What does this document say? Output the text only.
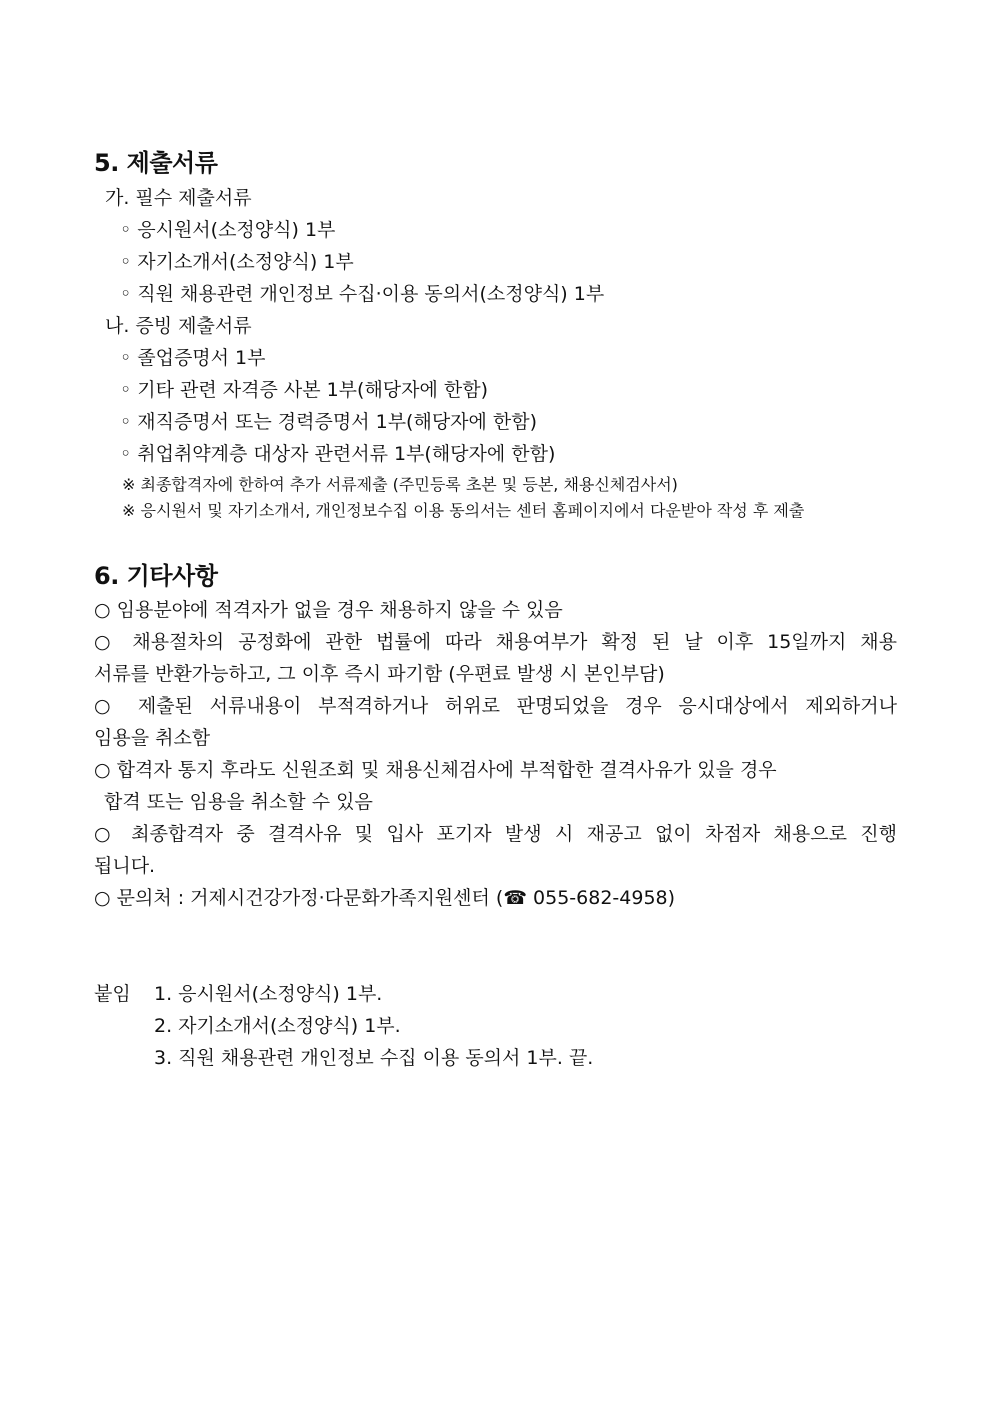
5. 제출서류

가. 필수 제출서류

◦ 응시원서(소정양식) 1부

◦ 자기소개서(소정양식) 1부

◦ 직원 채용관련 개인정보 수집·이용 동의서(소정양식) 1부

나. 증빙 제출서류

◦ 졸업증명서 1부

◦ 기타 관련 자격증 사본 1부(해당자에 한함)

◦ 재직증명서 또는 경력증명서 1부(해당자에 한함)

◦ 취업취약계층 대상자 관련서류 1부(해당자에 한함)

※ 최종합격자에 한하여 추가 서류제출 (주민등록 초본 및 등본, 채용신체검사서)

※ 응시원서 및 자기소개서, 개인정보수집 이용 동의서는 센터 홈페이지에서 다운받아 작성 후 제출

6. 기타사항

○ 임용분야에 적격자가 없을 경우 채용하지 않을 수 있음

○ 채용절차의 공정화에 관한 법률에 따라 채용여부가 확정 된 날 이후 15일까지 채용

서류를 반환가능하고, 그 이후 즉시 파기함 (우편료 발생 시 본인부담)

○ 제출된 서류내용이 부적격하거나 허위로 판명되었을 경우 응시대상에서 제외하거나

임용을 취소함

○ 합격자 통지 후라도 신원조회 및 채용신체검사에 부적합한 결격사유가 있을 경우

합격 또는 임용을 취소할 수 있음

○ 최종합격자 중 결격사유 및 입사 포기자 발생 시 재공고 없이 차점자 채용으로 진행

됩니다.

○ 문의처 : 거제시건강가정·다문화가족지원센터 (☎ 055-682-4958)

붙임 1. 응시원서(소정양식) 1부.

2. 자기소개서(소정양식) 1부.

3. 직원 채용관련 개인정보 수집 이용 동의서 1부. 끝.
